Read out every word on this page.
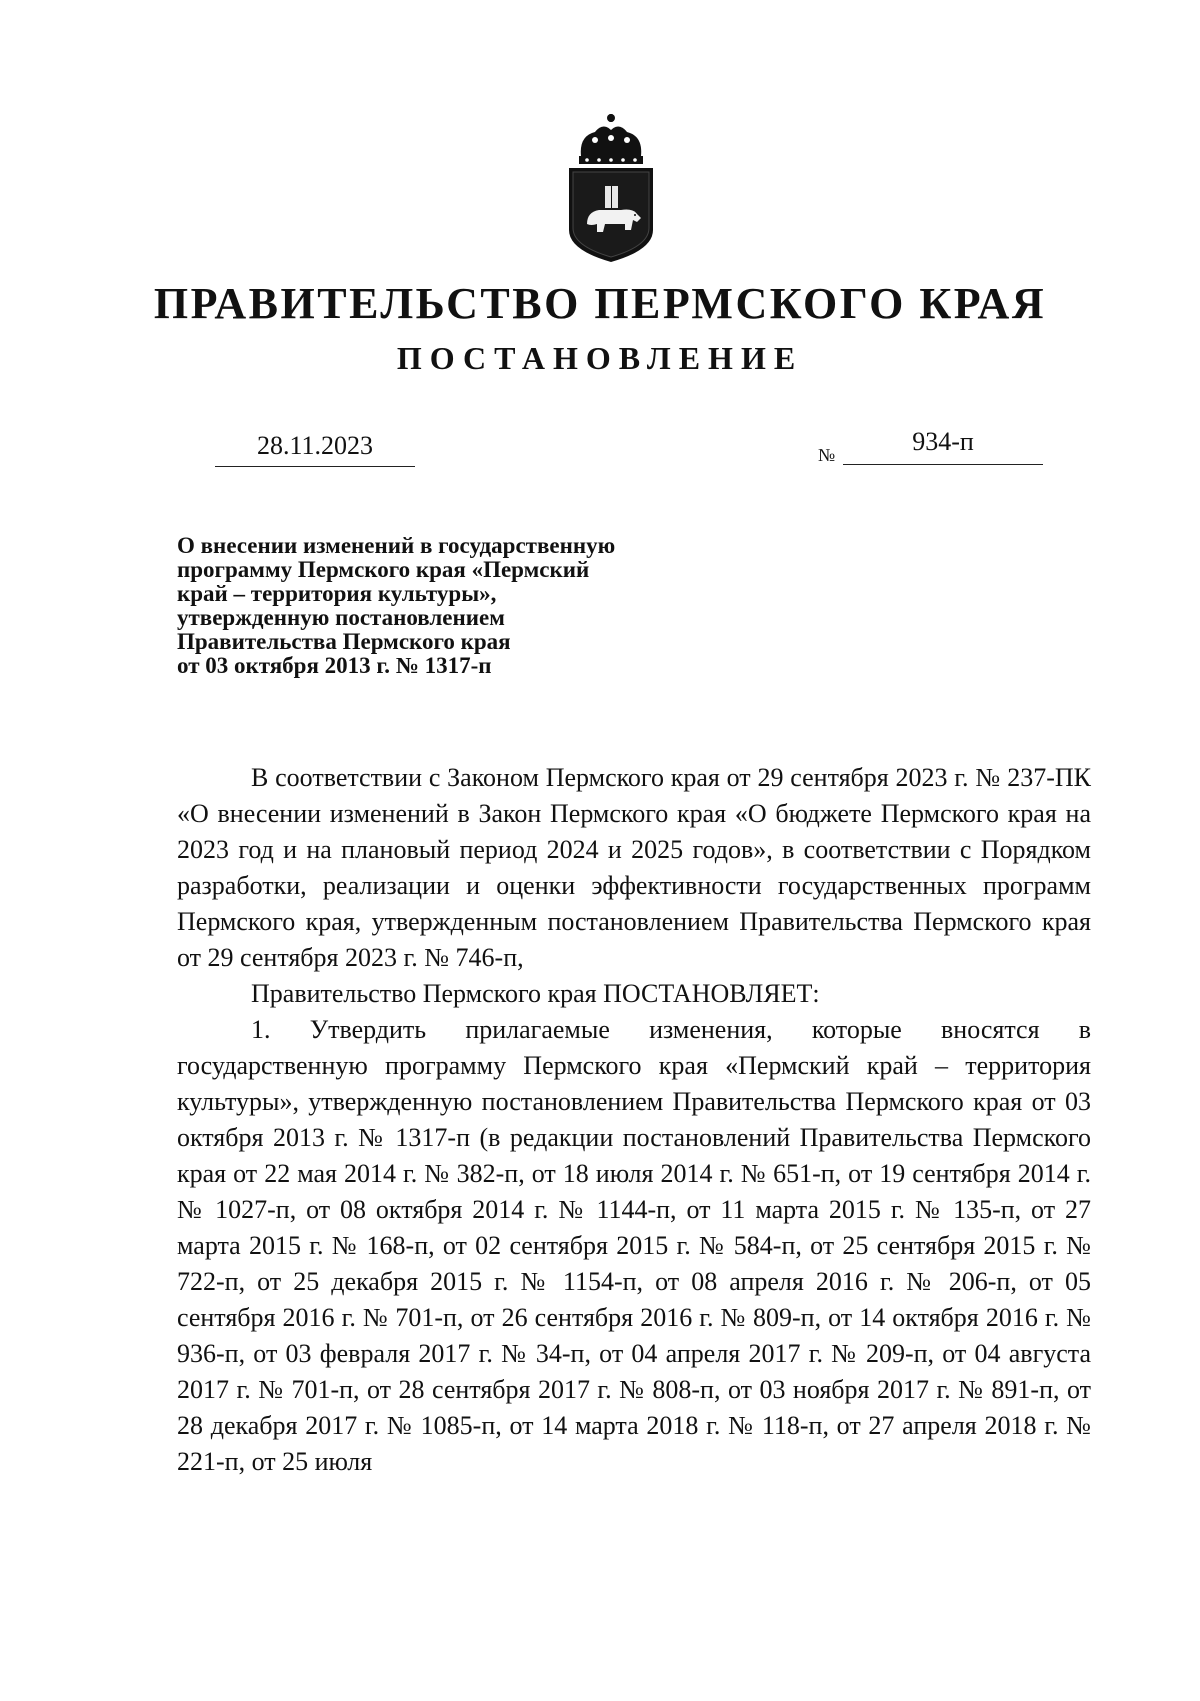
ПРАВИТЕЛЬСТВО ПЕРМСКОГО КРАЯ
ПОСТАНОВЛЕНИЕ
28.11.2023	№	934-п
О внесении изменений в государственную
программу Пермского края «Пермский
край – территория культуры»,
утвержденную постановлением
Правительства Пермского края
от 03 октября 2013 г. № 1317-п

В соответствии с Законом Пермского края от 29 сентября 2023 г. № 237-ПК «О внесении изменений в Закон Пермского края «О бюджете Пермского края на 2023 год и на плановый период 2024 и 2025 годов», в соответствии с Порядком разработки, реализации и оценки эффективности государственных программ Пермского края, утвержденным постановлением Правительства Пермского края от 29 сентября 2023 г. № 746-п,

Правительство Пермского края ПОСТАНОВЛЯЕТ:

1. Утвердить прилагаемые изменения, которые вносятся в государственную программу Пермского края «Пермский край – территория культуры», утвержденную постановлением Правительства Пермского края от 03 октября 2013 г. № 1317-п (в редакции постановлений Правительства Пермского края от 22 мая 2014 г. № 382-п, от 18 июля 2014 г. № 651-п, от 19 сентября 2014 г. № 1027-п, от 08 октября 2014 г. № 1144-п, от 11 марта 2015 г. № 135-п, от 27 марта 2015 г. № 168-п, от 02 сентября 2015 г. № 584-п, от 25 сентября 2015 г. № 722-п, от 25 декабря 2015 г. № 1154-п, от 08 апреля 2016 г. № 206-п, от 05 сентября 2016 г. № 701-п, от 26 сентября 2016 г. № 809-п, от 14 октября 2016 г. № 936-п, от 03 февраля 2017 г. № 34-п, от 04 апреля 2017 г. № 209-п, от 04 августа 2017 г. № 701-п, от 28 сентября 2017 г. № 808-п, от 03 ноября 2017 г. № 891-п, от 28 декабря 2017 г. № 1085-п, от 14 марта 2018 г. № 118-п, от 27 апреля 2018 г. № 221-п, от 25 июля
